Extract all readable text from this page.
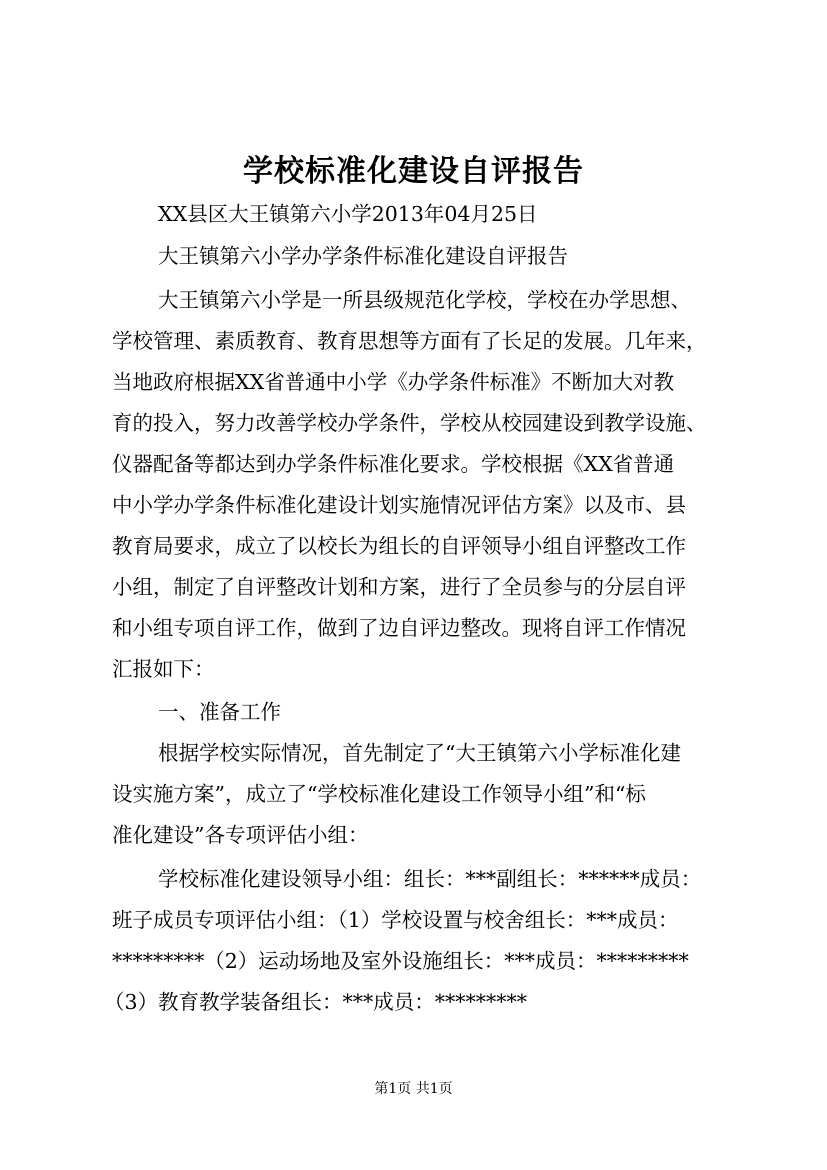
学校标准化建设自评报告
XX县区大王镇第六小学2013年04月25日
大王镇第六小学办学条件标准化建设自评报告
大王镇第六小学是一所县级规范化学校，学校在办学思想、
学校管理、素质教育、教育思想等方面有了长足的发展。几年来，
当地政府根据XX省普通中小学《办学条件标准》不断加大对教
育的投入，努力改善学校办学条件，学校从校园建设到教学设施、
仪器配备等都达到办学条件标准化要求。学校根据《XX省普通
中小学办学条件标准化建设计划实施情况评估方案》以及市、县
教育局要求，成立了以校长为组长的自评领导小组自评整改工作
小组，制定了自评整改计划和方案，进行了全员参与的分层自评
和小组专项自评工作，做到了边自评边整改。现将自评工作情况
汇报如下：
一、准备工作
根据学校实际情况，首先制定了“大王镇第六小学标准化建
设实施方案”，成立了“学校标准化建设工作领导小组”和“标
准化建设”各专项评估小组：
学校标准化建设领导小组：组长：***副组长：******成员：
班子成员专项评估小组：（1）学校设置与校舍组长：***成员：
*********（2）运动场地及室外设施组长：***成员：*********
（3）教育教学装备组长：***成员：*********
第1页 共1页
